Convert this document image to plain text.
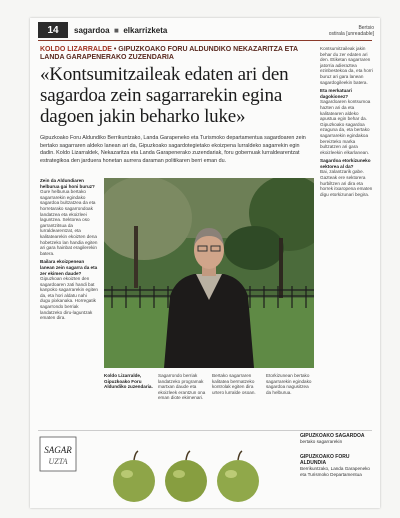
14	sagardoa  ■  elkarrizketa	Bertsio
ostirala [unreadable]
KOLDO LIZARRALDE • GIPUZKOAKO FORU ALDUNDIKO NEKAZARITZA ETA LANDA GARAPENERAKO ZUZENDARIA
«Kontsumitzaileak edaten ari den sagardoa zein sagarrarekin egina dagoen jakin beharko luke»
Gipuzkoako Foru Aldundiko Berrikuntzako, Landa Garapeneko eta Turismoko departamentua sagardoaren zein bertako sagarraren aldeko lanean ari da, Gipuzkoako sagardotegietako ekoizpena lurraldeko sagarrekin egin dadin. Koldo Lizarraldek, Nekazaritza eta Landa Garapenerako zuzendariak, foru gobernuak lurraldearentzat estrategikoa den jarduera honetan aurrera daraman politikaren berri eman du.
Zein da Aldundiaren helburua gai honi buruz?
Gure helburua bertako sagarrarekin egindako sagardoa bultzatzea da eta horretarako sagarrondoak landatzea eta ekoizleei laguntzea. Sektorea oso garrantzitsua da lurraldearentzat, eta kalitatearekin ekoizten dena hobetzeko lan handia egiten ari gara hainbat eragilerekin batera.
Bailara ekoizpenean lanean zein sagarra da eta zer ekimen daude?
Gipuzkoan ekoizten den sagardoaren zati handi bat kanpoko sagarrarekin egiten da, eta hori aldatu nahi dugu pixkanaka. Horregatik sagarrondo berriak landatzeko diru-laguntzak ematen dira.
Koldo Lizarralde, Gipuzkoako Foru Aldundiko zuzendaria.
Sagarrondo berriak landatzeko programak martxan daude eta ekoizleek erantzun ona eman diote ekimenari.
Bertako sagarraren kalitatea bermatzeko kontrolak egiten dira urtero lurralde osoan.
Etorkizunean bertako sagarrarekin egindako sagardoa nagusitzea da helburua.
Kontsumitzaileak jakin behar du zer edaten ari den. Etiketan sagarraren jatorria adieraztea ezinbestekoa da, eta horri buruz ari gara lanean sagardogileekin batera.
Eta merkatuari dagokionez?
Sagardoaren kontsumoa hazten ari da eta kalitatearen aldeko apustua egin behar da. Gipuzkoako sagardoa ezaguna da, eta bertako sagarrarekin egindakoa bereizteko marka bultzatzen ari gara ekoizleekin elkarlanean.
Sagardoa etorkizuneko sektorea al da?
Bai, zalantzarik gabe. Gazteak ere sektorera hurbiltzen ari dira eta horrek itxaropena ematen digu etorkizunari begira.
SAGAR
UZTA
GIPUZKOAKO SAGARDOA
bertako sagarrarekin
GIPUZKOAKO FORU ALDUNDIA
Berrikuntzako, Landa Garapeneko eta Turismoko Departamentua
